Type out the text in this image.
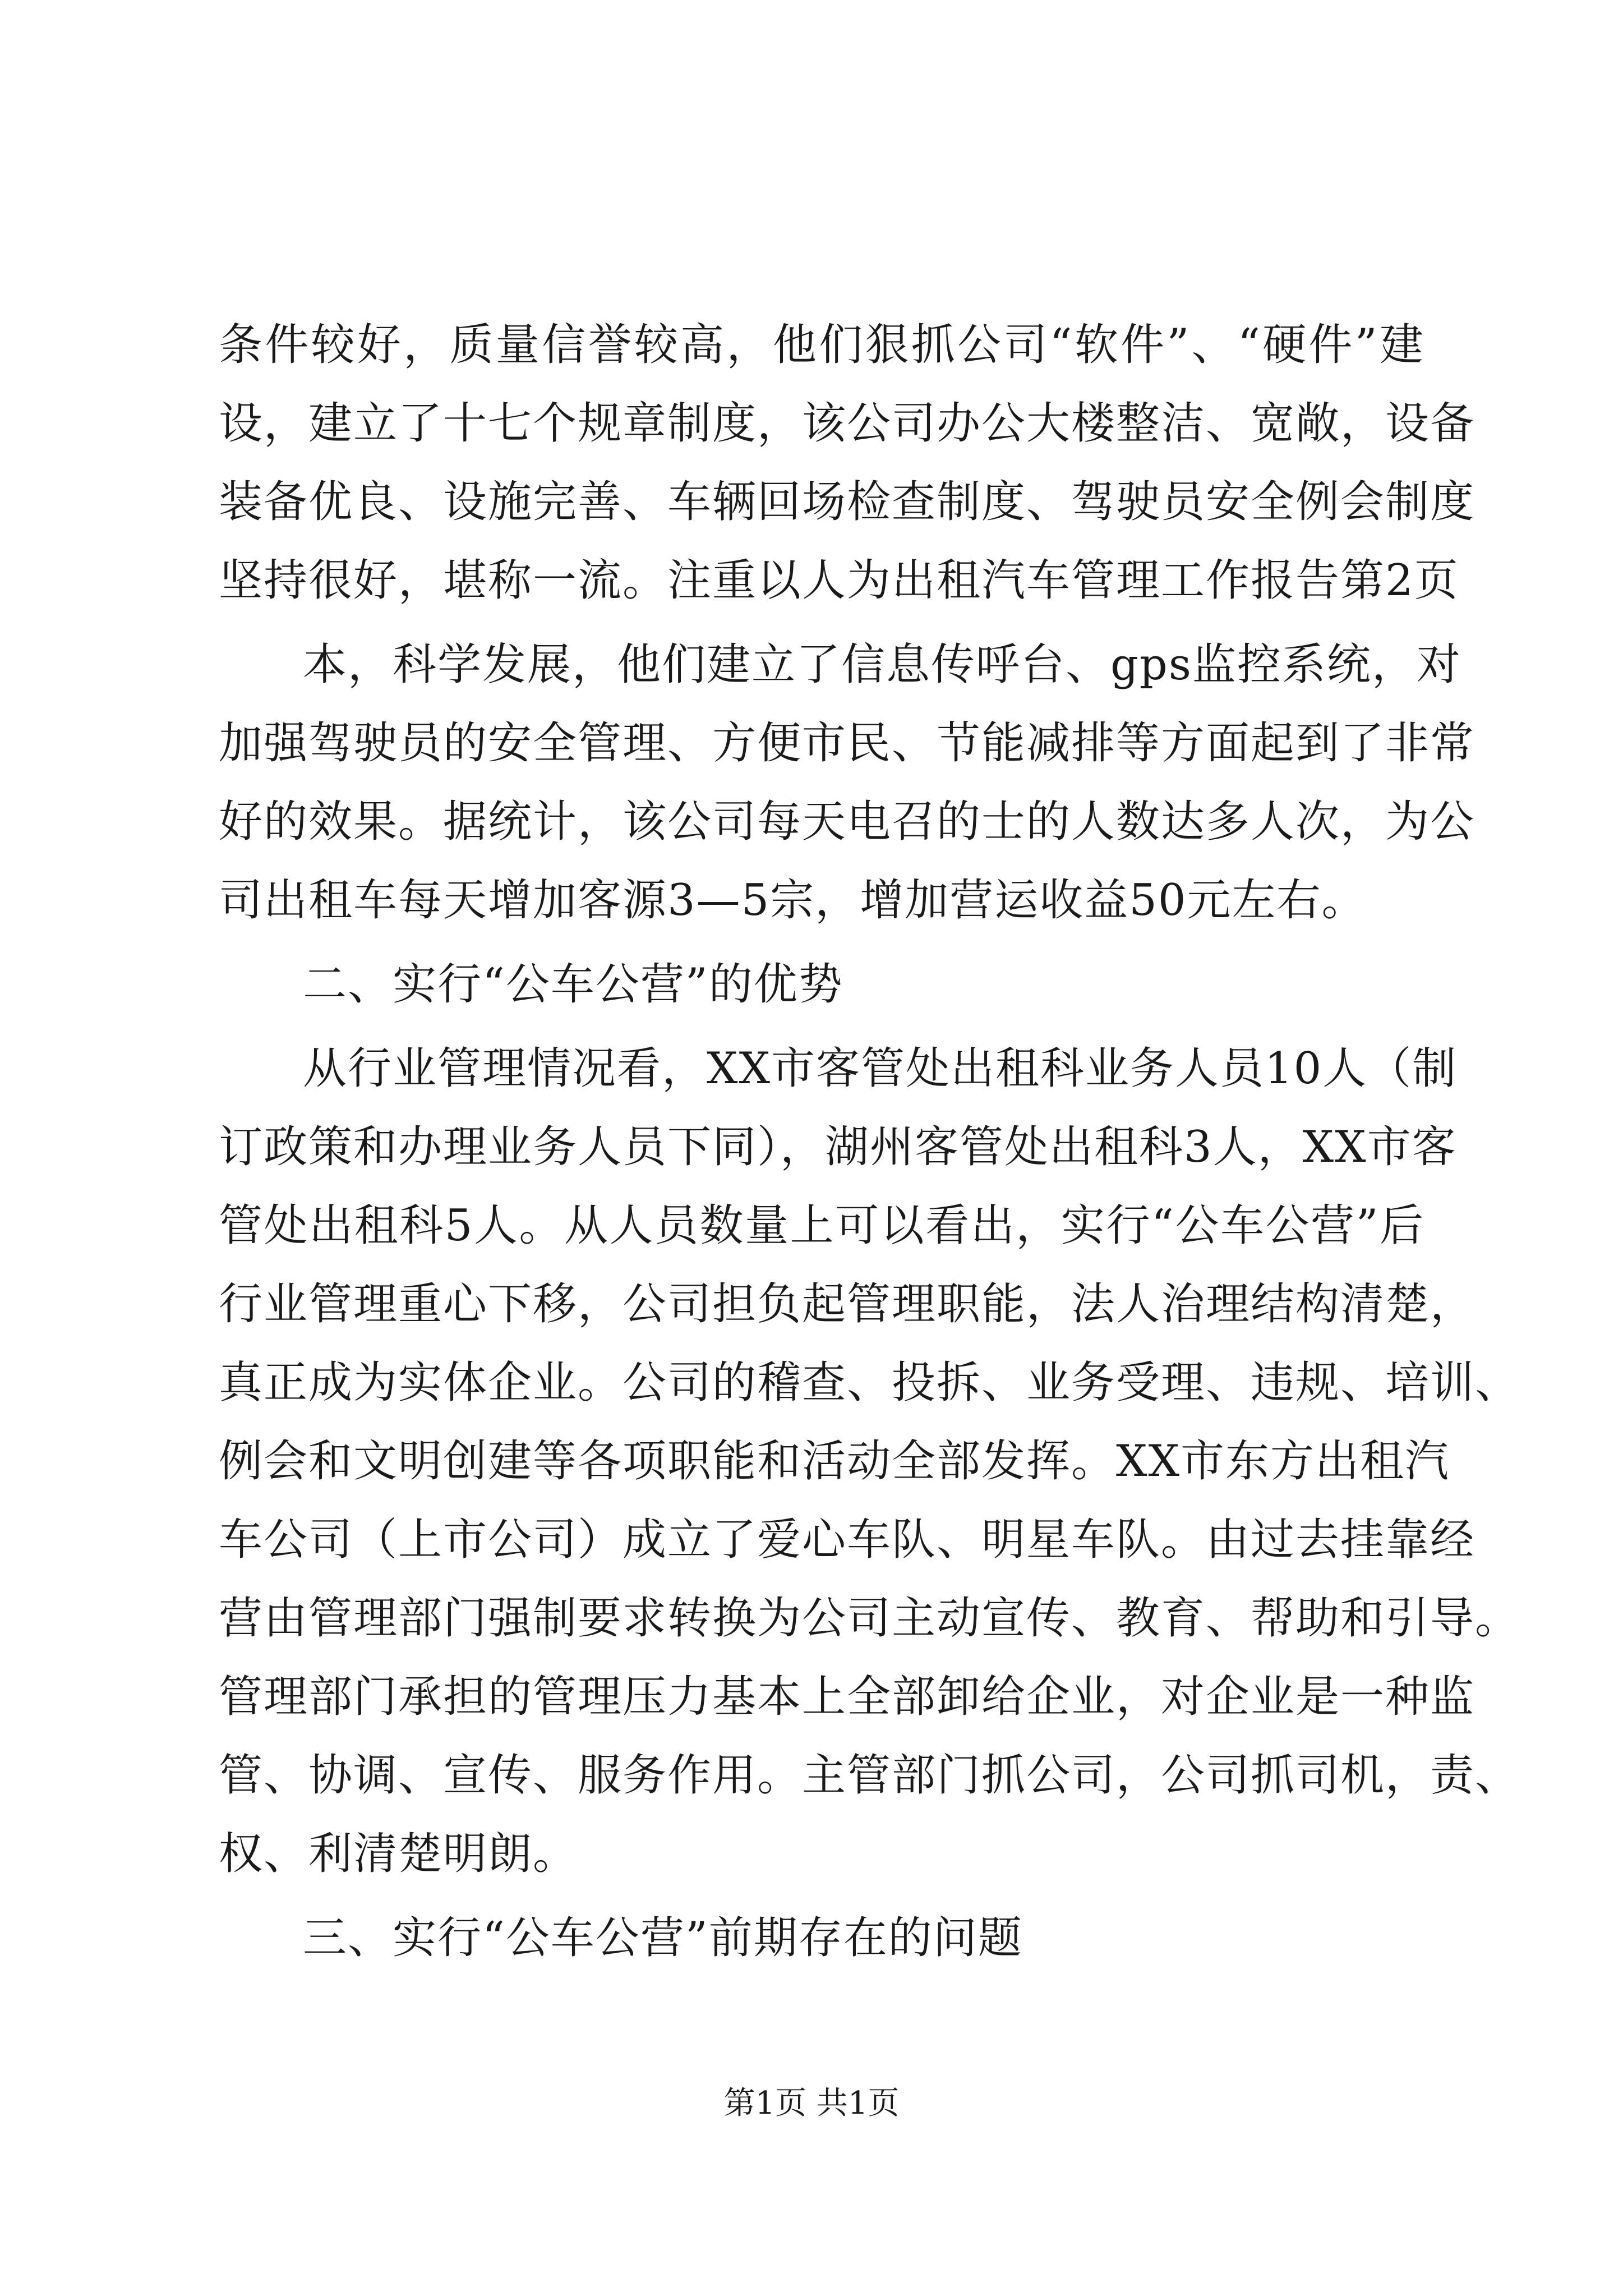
条件较好，质量信誉较高，他们狠抓公司“软件”、“硬件”建
设，建立了十七个规章制度，该公司办公大楼整洁、宽敞，设备
装备优良、设施完善、车辆回场检查制度、驾驶员安全例会制度
坚持很好，堪称一流。注重以人为出租汽车管理工作报告第2页
本，科学发展，他们建立了信息传呼台、gps监控系统，对
加强驾驶员的安全管理、方便市民、节能减排等方面起到了非常
好的效果。据统计，该公司每天电召的士的人数达多人次，为公
司出租车每天增加客源3—5宗，增加营运收益50元左右。
二、实行“公车公营”的优势
从行业管理情况看，XX市客管处出租科业务人员10人（制
订政策和办理业务人员下同），湖州客管处出租科3人，XX市客
管处出租科5人。从人员数量上可以看出，实行“公车公营”后
行业管理重心下移，公司担负起管理职能，法人治理结构清楚，
真正成为实体企业。公司的稽查、投拆、业务受理、违规、培训、
例会和文明创建等各项职能和活动全部发挥。XX市东方出租汽
车公司（上市公司）成立了爱心车队、明星车队。由过去挂靠经
营由管理部门强制要求转换为公司主动宣传、教育、帮助和引导。
管理部门承担的管理压力基本上全部卸给企业，对企业是一种监
管、协调、宣传、服务作用。主管部门抓公司，公司抓司机，责、
权、利清楚明朗。
三、实行“公车公营”前期存在的问题
第1页 共1页
